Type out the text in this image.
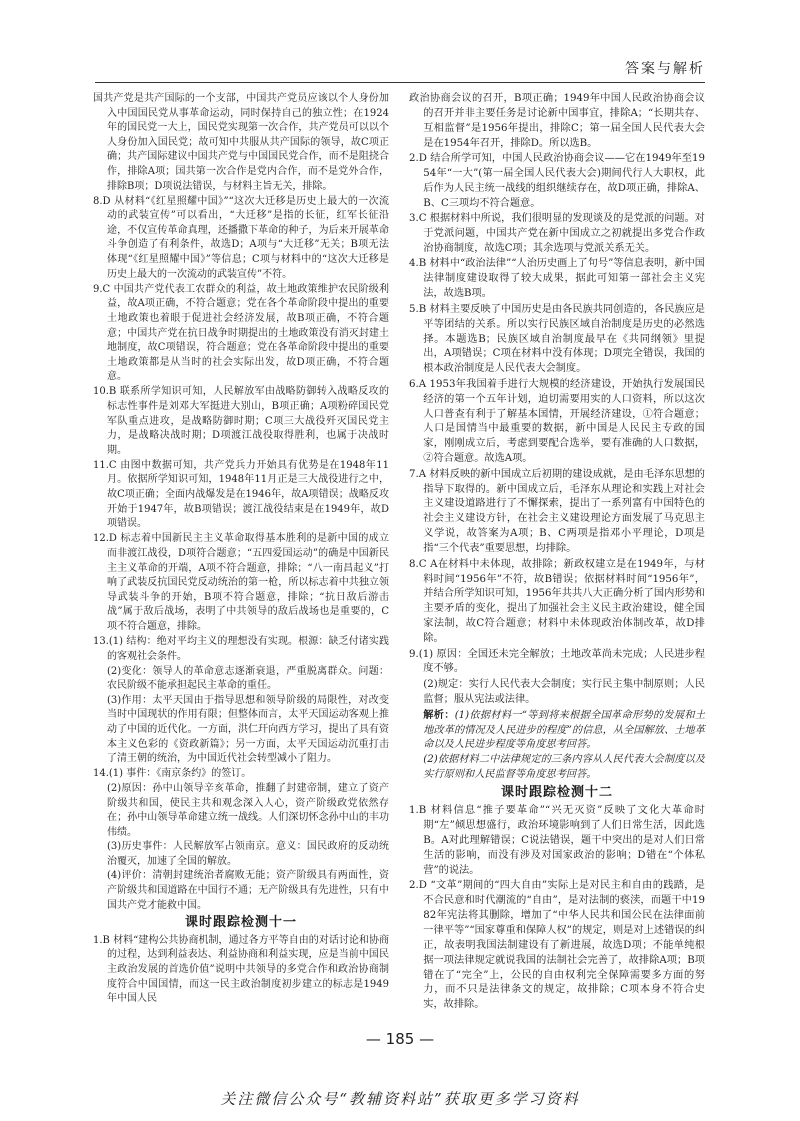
答案与解析

国共产党是共产国际的一个支部，中国共产党员应该以个人身份加入中国国民党从事革命运动，同时保持自己的独立性；在1924年的国民党一大上，国民党实现第一次合作，共产党员可以以个人身份加入国民党；故可知中共服从共产国际的领导，故C项正确；共产国际建议中国共产党与中国国民党合作，而不是阻挠合作，排除A项；国共第一次合作是党内合作，而不是党外合作，排除B项；D项说法错误，与材料主旨无关，排除。

8.D 从材料“《红星照耀中国》”“这次大迁移是历史上最大的一次流动的武装宣传”可以看出，“大迁移”是指的长征，红军长征沿途，不仅宣传革命真理，还播撒下革命的种子，为后来开展革命斗争创造了有利条件，故选D；A项与“大迁移”无关；B项无法体现“《红星照耀中国》”等信息；C项与材料中的“这次大迁移是历史上最大的一次流动的武装宣传”不符。

9.C 中国共产党代表工农群众的利益，故土地政策维护农民阶级利益，故A项正确，不符合题意；党在各个革命阶段中提出的重要土地政策也着眼于促进社会经济发展，故B项正确，不符合题意；中国共产党在抗日战争时期提出的土地政策没有消灭封建土地制度，故C项错误，符合题意；党在各革命阶段中提出的重要土地政策都是从当时的社会实际出发，故D项正确，不符合题意。

10.B 联系所学知识可知，人民解放军由战略防御转入战略反攻的标志性事件是刘邓大军挺进大别山，B项正确；A项粉碎国民党军队重点进攻，是战略防御时期；C项三大战役歼灭国民党主力，是战略决战时期；D项渡江战役取得胜利，也属于决战时期。

11.C 由图中数据可知，共产党兵力开始具有优势是在1948年11月。依据所学知识可知，1948年11月正是三大战役进行之中，故C项正确；全面内战爆发是在1946年，故A项错误；战略反攻开始于1947年，故B项错误；渡江战役结束是在1949年，故D项错误。

12.D 标志着中国新民主主义革命取得基本胜利的是新中国的成立而非渡江战役，D项符合题意；“五四爱国运动”的确是中国新民主主义革命的开端，A项不符合题意，排除；“八一南昌起义”打响了武装反抗国民党反动统治的第一枪，所以标志着中共独立领导武装斗争的开始，B项不符合题意，排除；“抗日敌后游击战”属于敌后战场，表明了中共领导的敌后战场也是重要的，C项不符合题意，排除。

13.(1) 结构：绝对平均主义的理想没有实现。根源：缺乏付诸实践的客观社会条件。

(2)变化：领导人的革命意志逐渐衰退，严重脱离群众。问题：农民阶级不能承担起民主革命的重任。

(3)作用：太平天国由于指导思想和领导阶级的局限性，对改变当时中国现状的作用有限；但整体而言，太平天国运动客观上推动了中国的近代化。一方面，洪仁玕向西方学习，提出了具有资本主义色彩的《资政新篇》；另一方面，太平天国运动沉重打击了清王朝的统治，为中国近代社会转型减小了阻力。

14.(1) 事件：《南京条约》的签订。

(2)原因：孙中山领导辛亥革命，推翻了封建帝制，建立了资产阶级共和国，使民主共和观念深入人心，资产阶级政党依然存在；孙中山领导革命建立统一战线。人们深切怀念孙中山的丰功伟绩。

(3)历史事件：人民解放军占领南京。意义：国民政府的反动统治覆灭，加速了全国的解放。

(4)评价：清朝封建统治者腐败无能；资产阶级具有两面性，资产阶级共和国道路在中国行不通；无产阶级具有先进性，只有中国共产党才能救中国。

课时跟踪检测十一

1.B 材料“建构公共协商机制，通过各方平等自由的对话讨论和协商的过程，达到利益表达、利益协商和利益实现，应是当前中国民主政治发展的首选价值”说明中共领导的多党合作和政治协商制度符合中国国情，而这一民主政治制度初步建立的标志是1949年中国人民

政治协商会议的召开，B项正确；1949年中国人民政治协商会议的召开并非主要任务是讨论新中国事宜，排除A；“长期共存、互相监督”是1956年提出，排除C；第一届全国人民代表大会是在1954年召开，排除D。所以选B。

2.D 结合所学可知，中国人民政治协商会议——它在1949年至1954年“一大”(第一届全国人民代表大会)期间代行人大职权，此后作为人民主统一战线的组织继续存在，故D项正确，排除A、B、C三项均不符合题意。

3.C 根据材料中所说，我们很明显的发现谈及的是党派的问题。对于党派问题，中国共产党在新中国成立之初就提出多党合作政治协商制度，故选C项；其余选项与党派关系无关。

4.B 材料中“政治法律”“人治历史画上了句号”等信息表明，新中国法律制度建设取得了较大成果，据此可知第一部社会主义宪法，故选B项。

5.B 材料主要反映了中国历史是由各民族共同创造的，各民族应是平等团结的关系。所以实行民族区域自治制度是历史的必然选择。本题选B；民族区域自治制度最早在《共同纲领》里提出，A项错误；C项在材料中没有体现；D项完全错误，我国的根本政治制度是人民代表大会制度。

6.A 1953年我国着手进行大规模的经济建设，开始执行发展国民经济的第一个五年计划，迫切需要用实的人口资料，所以这次人口普查有利于了解基本国情，开展经济建设，①符合题意；人口是国情当中最重要的数据，新中国是人民民主专政的国家，刚刚成立后，考虑到要配合选举，要有准确的人口数据，②符合题意。故选A项。

7.A 材料反映的新中国成立后初期的建设成就，是由毛泽东思想的指导下取得的。新中国成立后，毛泽东从理论和实践上对社会主义建设道路进行了不懈探索，提出了一系列富有中国特色的社会主义建设方针，在社会主义建设理论方面发展了马克思主义学说，故答案为A项；B、C两项是指邓小平理论，D项是指“三个代表”重要思想，均排除。

8.C A在材料中未体现，故排除；新政权建立是在1949年，与材料时间“1956年”不符，故B错误；依据材料时间“1956年”，并结合所学知识可知，1956年共共八大正确分析了国内形势和主要矛盾的变化，提出了加强社会主义民主政治建设，健全国家法制，故C符合题意；材料中未体现政治体制改革，故D排除。

9.(1) 原因：全国还未完全解放；土地改革尚未完成；人民进步程度不够。

(2)规定：实行人民代表大会制度；实行民主集中制原则；人民监督；服从宪法或法律。

解析：(1)依据材料一“等到将来根据全国革命形势的发展和土地改革的情况及人民进步的程度”的信息，从全国解放、土地革命以及人民进步程度等角度思考回答。

(2)依据材料二中法律规定的三条内容从人民代表大会制度以及实行原则和人民监督等角度思考回答。

课时跟踪检测十二

1.B 材料信息“推子要革命”“兴无灭资”反映了文化大革命时期“左”倾思想盛行，政治环境影响到了人们日常生活，因此选B。A对此理解错误；C说法错误，题干中突出的是对人们日常生活的影响，而没有涉及对国家政治的影响；D错在“个体私营”的说法。

2.D “文革”期间的“四大自由”实际上是对民主和自由的践踏，是不合民意和时代潮流的“自由”，是对法制的亵渎，而题干中1982年宪法将其删除，增加了“中华人民共和国公民在法律面前一律平等”“国家尊重和保障人权”的规定，则是对上述错误的纠正，故表明我国法制建设有了新进展，故选D项；不能单纯根据一项法律规定就说我国的法制社会完善了，故排除A项；B项错在了“完全”上，公民的自由权利完全保障需要多方面的努力，而不只是法律条文的规定，故排除；C项本身不符合史实，故排除。

— 185 —
关注微信公众号“教辅资料站”获取更多学习资料
